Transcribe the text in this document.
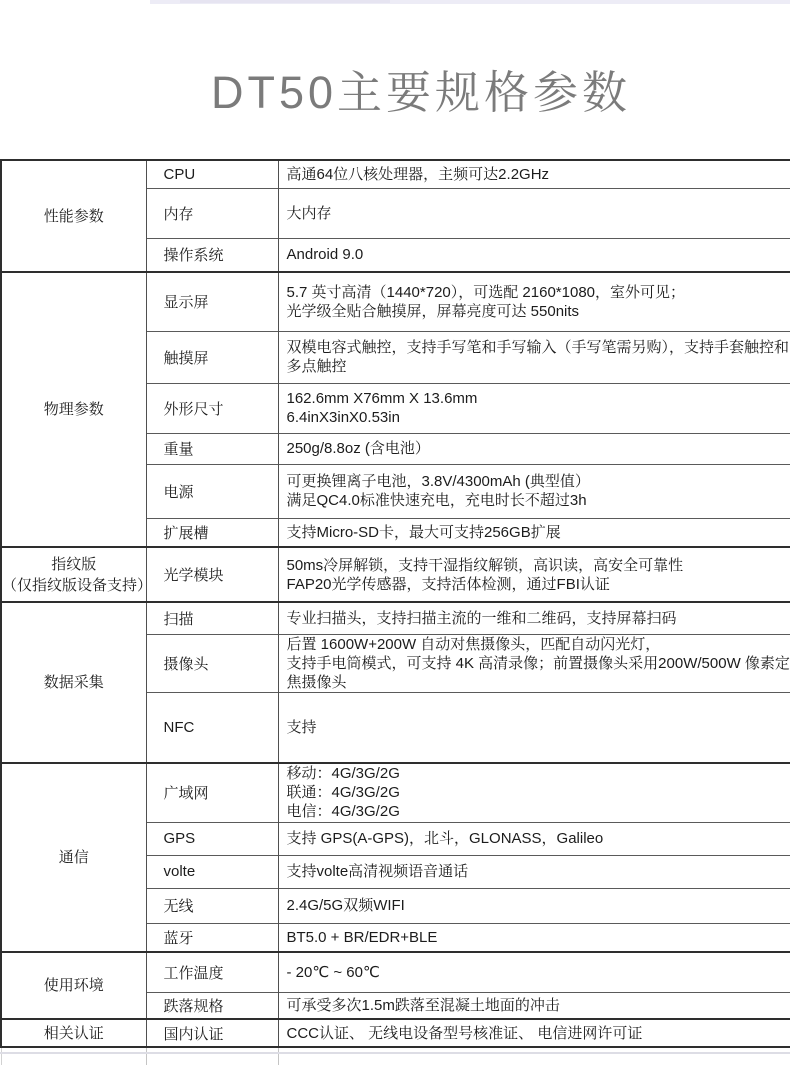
DT50主要规格参数
性能参数	CPU	高通64位八核处理器，主频可达2.2GHz
	内存	大内存
	操作系统	Android 9.0

物理参数	显示屏	5.7 英寸高清（1440*720），可选配 2160*1080，室外可见；
光学级全贴合触摸屏，屏幕亮度可达 550nits
	触摸屏	双模电容式触控，支持手写笔和手写输入（手写笔需另购），支持手套触控和多点触控
	外形尺寸	162.6mm X76mm X 13.6mm
6.4inX3inX0.53in
	重量	250g/8.8oz (含电池）
	电源	可更换锂离子电池，3.8V/4300mAh (典型值）
满足QC4.0标准快速充电，充电时长不超过3h
	扩展槽	支持Micro-SD卡，最大可支持256GB扩展

指纹版
（仅指纹版设备支持）
	光学模块	50ms冷屏解锁，支持干湿指纹解锁，高识读，高安全可靠性
FAP20光学传感器，支持活体检测，通过FBI认证

数据采集	扫描	专业扫描头，支持扫描主流的一维和二维码，支持屏幕扫码
	摄像头	后置 1600W+200W 自动对焦摄像头，匹配自动闪光灯，
支持手电筒模式，可支持 4K 高清录像；前置摄像头采用200W/500W 像素定焦摄像头
	NFC	支持

通信	广域网	移动：4G/3G/2G
联通：4G/3G/2G
电信：4G/3G/2G
	GPS	支持 GPS(A-GPS)，北斗，GLONASS，Galileo
	volte	支持volte高清视频语音通话
	无线	2.4G/5G双频WIFI
	蓝牙	BT5.0 + BR/EDR+BLE

使用环境	工作温度	- 20℃ ~ 60℃
	跌落规格	可承受多次1.5m跌落至混凝土地面的冲击

相关认证	国内认证	CCC认证、 无线电设备型号核准证、 电信进网许可证
